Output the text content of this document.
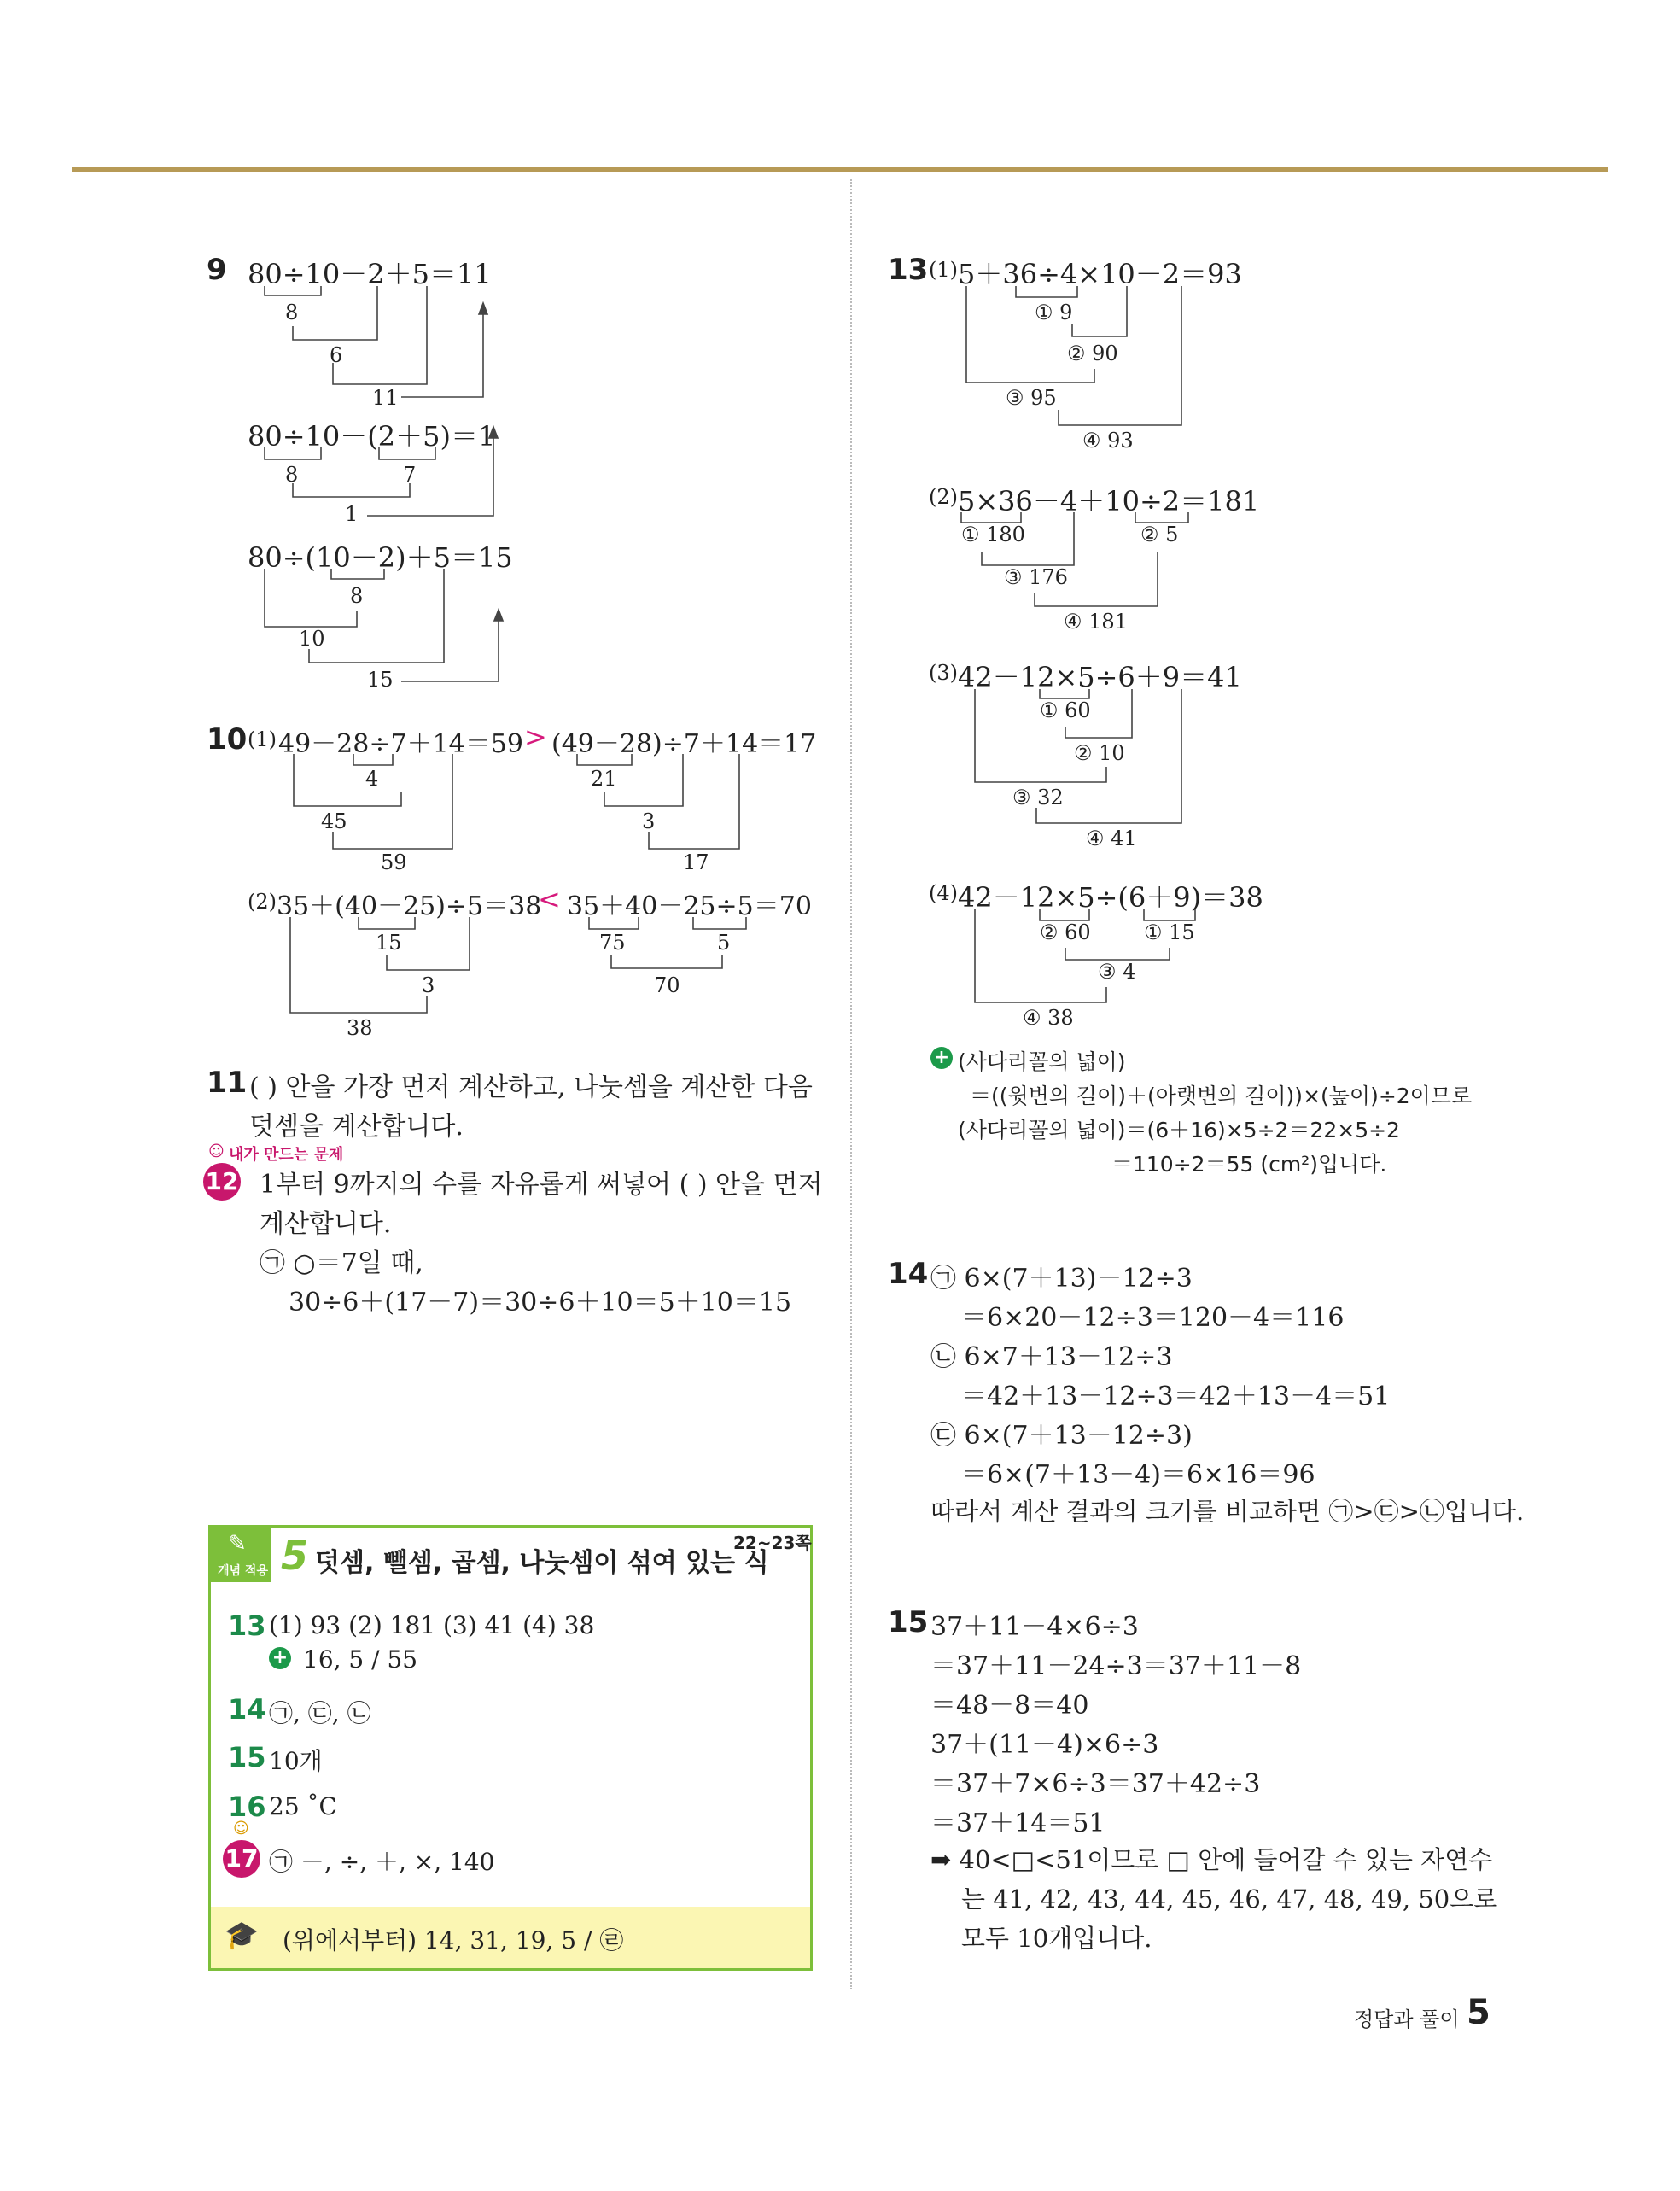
9 80÷10－2＋5＝11
8
6
11
80÷10－(2＋5)＝1
8	7
1
80÷(10－2)＋5＝15
8
10
15
10 (1) 49－28÷7＋14＝59 > (49－28)÷7＋14＝17
4
45
59
21
3
17
(2) 35＋(40－25)÷5＝38
< 35＋40－25÷5＝70
15
3
38
75	5
70
11 ( ) 안을 가장 먼저 계산하고, 나눗셈을 계산한 다음
덧셈을 계산합니다.
☺ 내가 만드는 문제
12 1부터 9까지의 수를 자유롭게 써넣어 ( ) 안을 먼저
계산합니다.
㉠ ○＝7일 때,
30÷6＋(17－7)＝30÷6＋10＝5＋10＝15
개념 적용
✎ 5 덧셈, 뺄셈, 곱셈, 나눗셈이 섞여 있는 식
22~23쪽
13 (1) 93 (2) 181 (3) 41 (4) 38
+ 16, 5 / 55
14 ㉠, ㉢, ㉡
15 10개
16 25 ˚C
☺
17 ㉠ －, ÷, ＋, ×, 140
🎓 (위에서부터) 14, 31, 19, 5 / ㉣
13 (1) 5＋36÷4×10－2＝93
① 9
② 90
③ 95
④ 93
(2) 5×36－4＋10÷2＝181
① 180	② 5
③ 176
④ 181
(3) 42－12×5÷6＋9＝41
① 60
② 10
③ 32
④ 41
(4) 42－12×5÷(6＋9)＝38
② 60	① 15
③ 4
④ 38
+ (사다리꼴의 넓이)
＝((윗변의 길이)＋(아랫변의 길이))×(높이)÷2이므로
(사다리꼴의 넓이)＝(6＋16)×5÷2＝22×5÷2
＝110÷2＝55 (cm²)입니다.
14 ㉠ 6×(7＋13)－12÷3
＝6×20－12÷3＝120－4＝116
㉡ 6×7＋13－12÷3
＝42＋13－12÷3＝42＋13－4＝51
㉢ 6×(7＋13－12÷3)
＝6×(7＋13－4)＝6×16＝96
따라서 계산 결과의 크기를 비교하면 ㉠>㉢>㉡입니다.
15 37＋11－4×6÷3
＝37＋11－24÷3＝37＋11－8
＝48－8＝40
37＋(11－4)×6÷3
＝37＋7×6÷3＝37＋42÷3
＝37＋14＝51
➡ 40<□<51이므로 □ 안에 들어갈 수 있는 자연수
는 41, 42, 43, 44, 45, 46, 47, 48, 49, 50으로
모두 10개입니다.
정답과 풀이 5
